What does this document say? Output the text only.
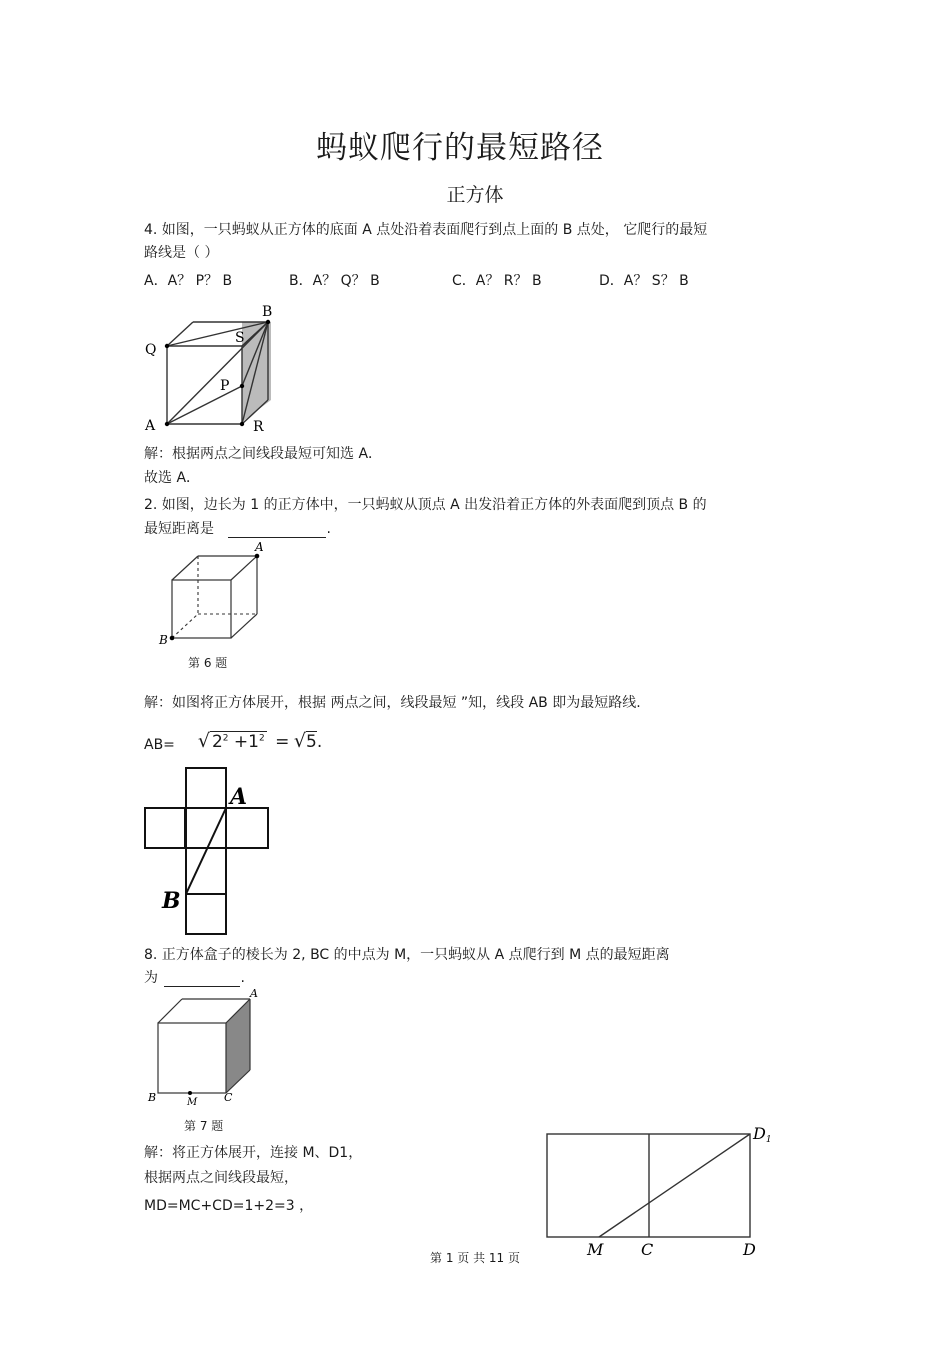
蚂蚁爬行的最短路径
正方体
4. 如图，一只蚂蚁从正方体的底面 A 点处沿着表面爬行到点上面的 B 点处， 它爬行的最短
路线是（ ）
A．A？ P？ B	B．A？ Q？ B	C．A？ R？ B	D．A？ S？ B
B
Q
S
P
A	R
解：根据两点之间线段最短可知选 A．
故选 A．
2. 如图，边长为 1 的正方体中，一只蚂蚁从顶点 A 出发沿着正方体的外表面爬到顶点 B 的
最短距离是	.
A
B
第 6 题
解：如图将正方体展开，根据 两点之间，线段最短 ”知，线段 AB 即为最短路线.
AB= √ $2^2 +1^2 = √5$.
A
B
8. 正方体盒子的棱长为 2, BC 的中点为 M，一只蚂蚁从 A 点爬行到 M 点的最短距离
为	.
A
B	M C
第 7 题
解：将正方体展开，连接 M、D1，
根据两点之间线段最短，
MD=MC+CD=1+2=3 ，
D1
M C	D
第 1 页 共 11 页
